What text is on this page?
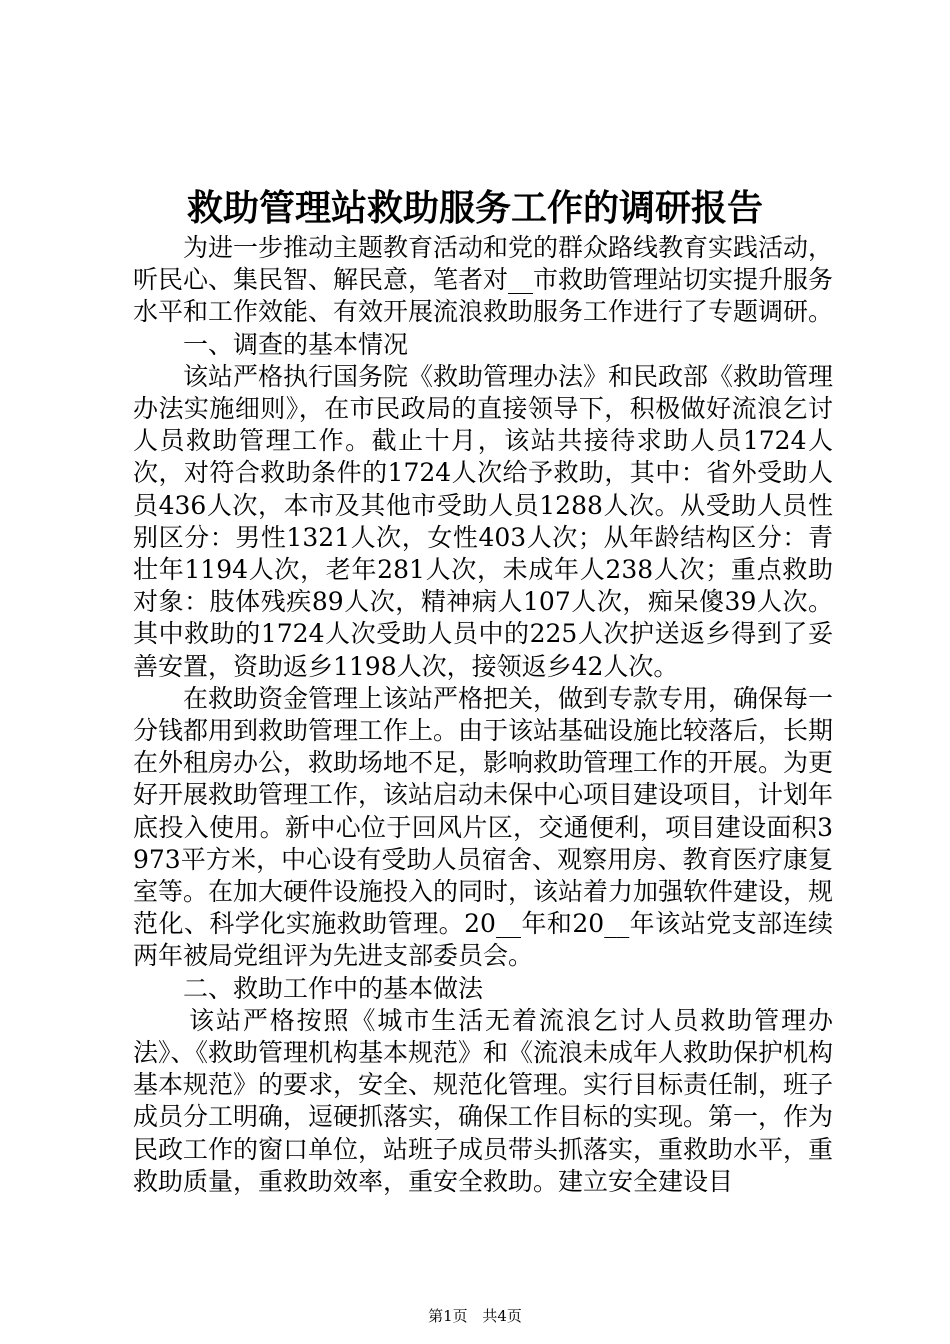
救助管理站救助服务工作的调研报告

为进一步推动主题教育活动和党的群众路线教育实践活动，听民心、集民智、解民意，笔者对__市救助管理站切实提升服务水平和工作效能、有效开展流浪救助服务工作进行了专题调研。

一、调查的基本情况

该站严格执行国务院《救助管理办法》和民政部《救助管理办法实施细则》，在市民政局的直接领导下，积极做好流浪乞讨人员救助管理工作。截止十月，该站共接待求助人员1724人次，对符合救助条件的1724人次给予救助，其中：省外受助人员436人次，本市及其他市受助人员1288人次。从受助人员性别区分：男性1321人次，女性403人次；从年龄结构区分：青壮年1194人次，老年281人次，未成年人238人次；重点救助对象：肢体残疾89人次，精神病人107人次，痴呆傻39人次。其中救助的1724人次受助人员中的225人次护送返乡得到了妥善安置，资助返乡1198人次，接领返乡42人次。

在救助资金管理上该站严格把关，做到专款专用，确保每一分钱都用到救助管理工作上。由于该站基础设施比较落后，长期在外租房办公，救助场地不足，影响救助管理工作的开展。为更好开展救助管理工作，该站启动未保中心项目建设项目，计划年底投入使用。新中心位于回风片区，交通便利，项目建设面积3973平方米，中心设有受助人员宿舍、观察用房、教育医疗康复室等。在加大硬件设施投入的同时，该站着力加强软件建设，规范化、科学化实施救助管理。20__年和20__年该站党支部连续两年被局党组评为先进支部委员会。

二、救助工作中的基本做法

该站严格按照《城市生活无着流浪乞讨人员救助管理办法》、《救助管理机构基本规范》和《流浪未成年人救助保护机构基本规范》的要求，安全、规范化管理。实行目标责任制，班子成员分工明确，逗硬抓落实，确保工作目标的实现。第一，作为民政工作的窗口单位，站班子成员带头抓落实，重救助水平，重救助质量，重救助效率，重安全救助。建立安全建设目

第1页 共4页
